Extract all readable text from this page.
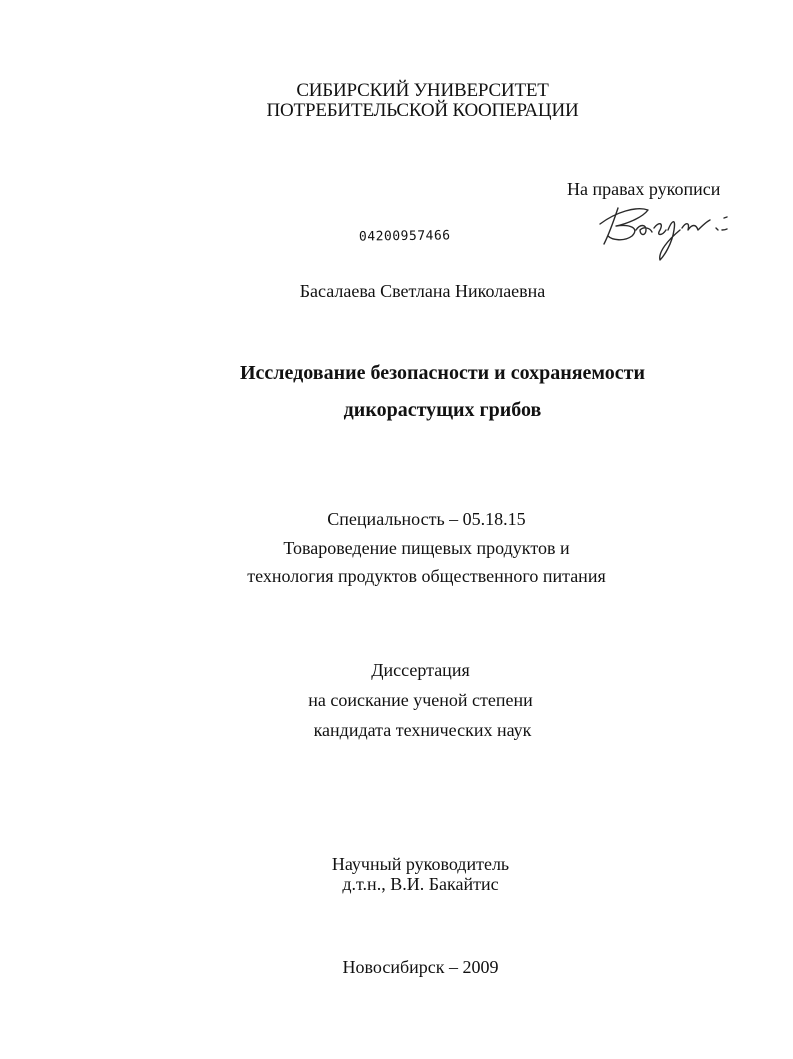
СИБИРСКИЙ УНИВЕРСИТЕТ
ПОТРЕБИТЕЛЬСКОЙ КООПЕРАЦИИ
На правах рукописи
04200957466
Басалаева Светлана Николаевна
Исследование безопасности и сохраняемости
дикорастущих грибов
Специальность – 05.18.15
Товароведение пищевых продуктов и
технология продуктов общественного питания
Диссертация
на соискание ученой степени
кандидата технических наук
Научный руководитель
д.т.н., В.И. Бакайтис
Новосибирск – 2009
